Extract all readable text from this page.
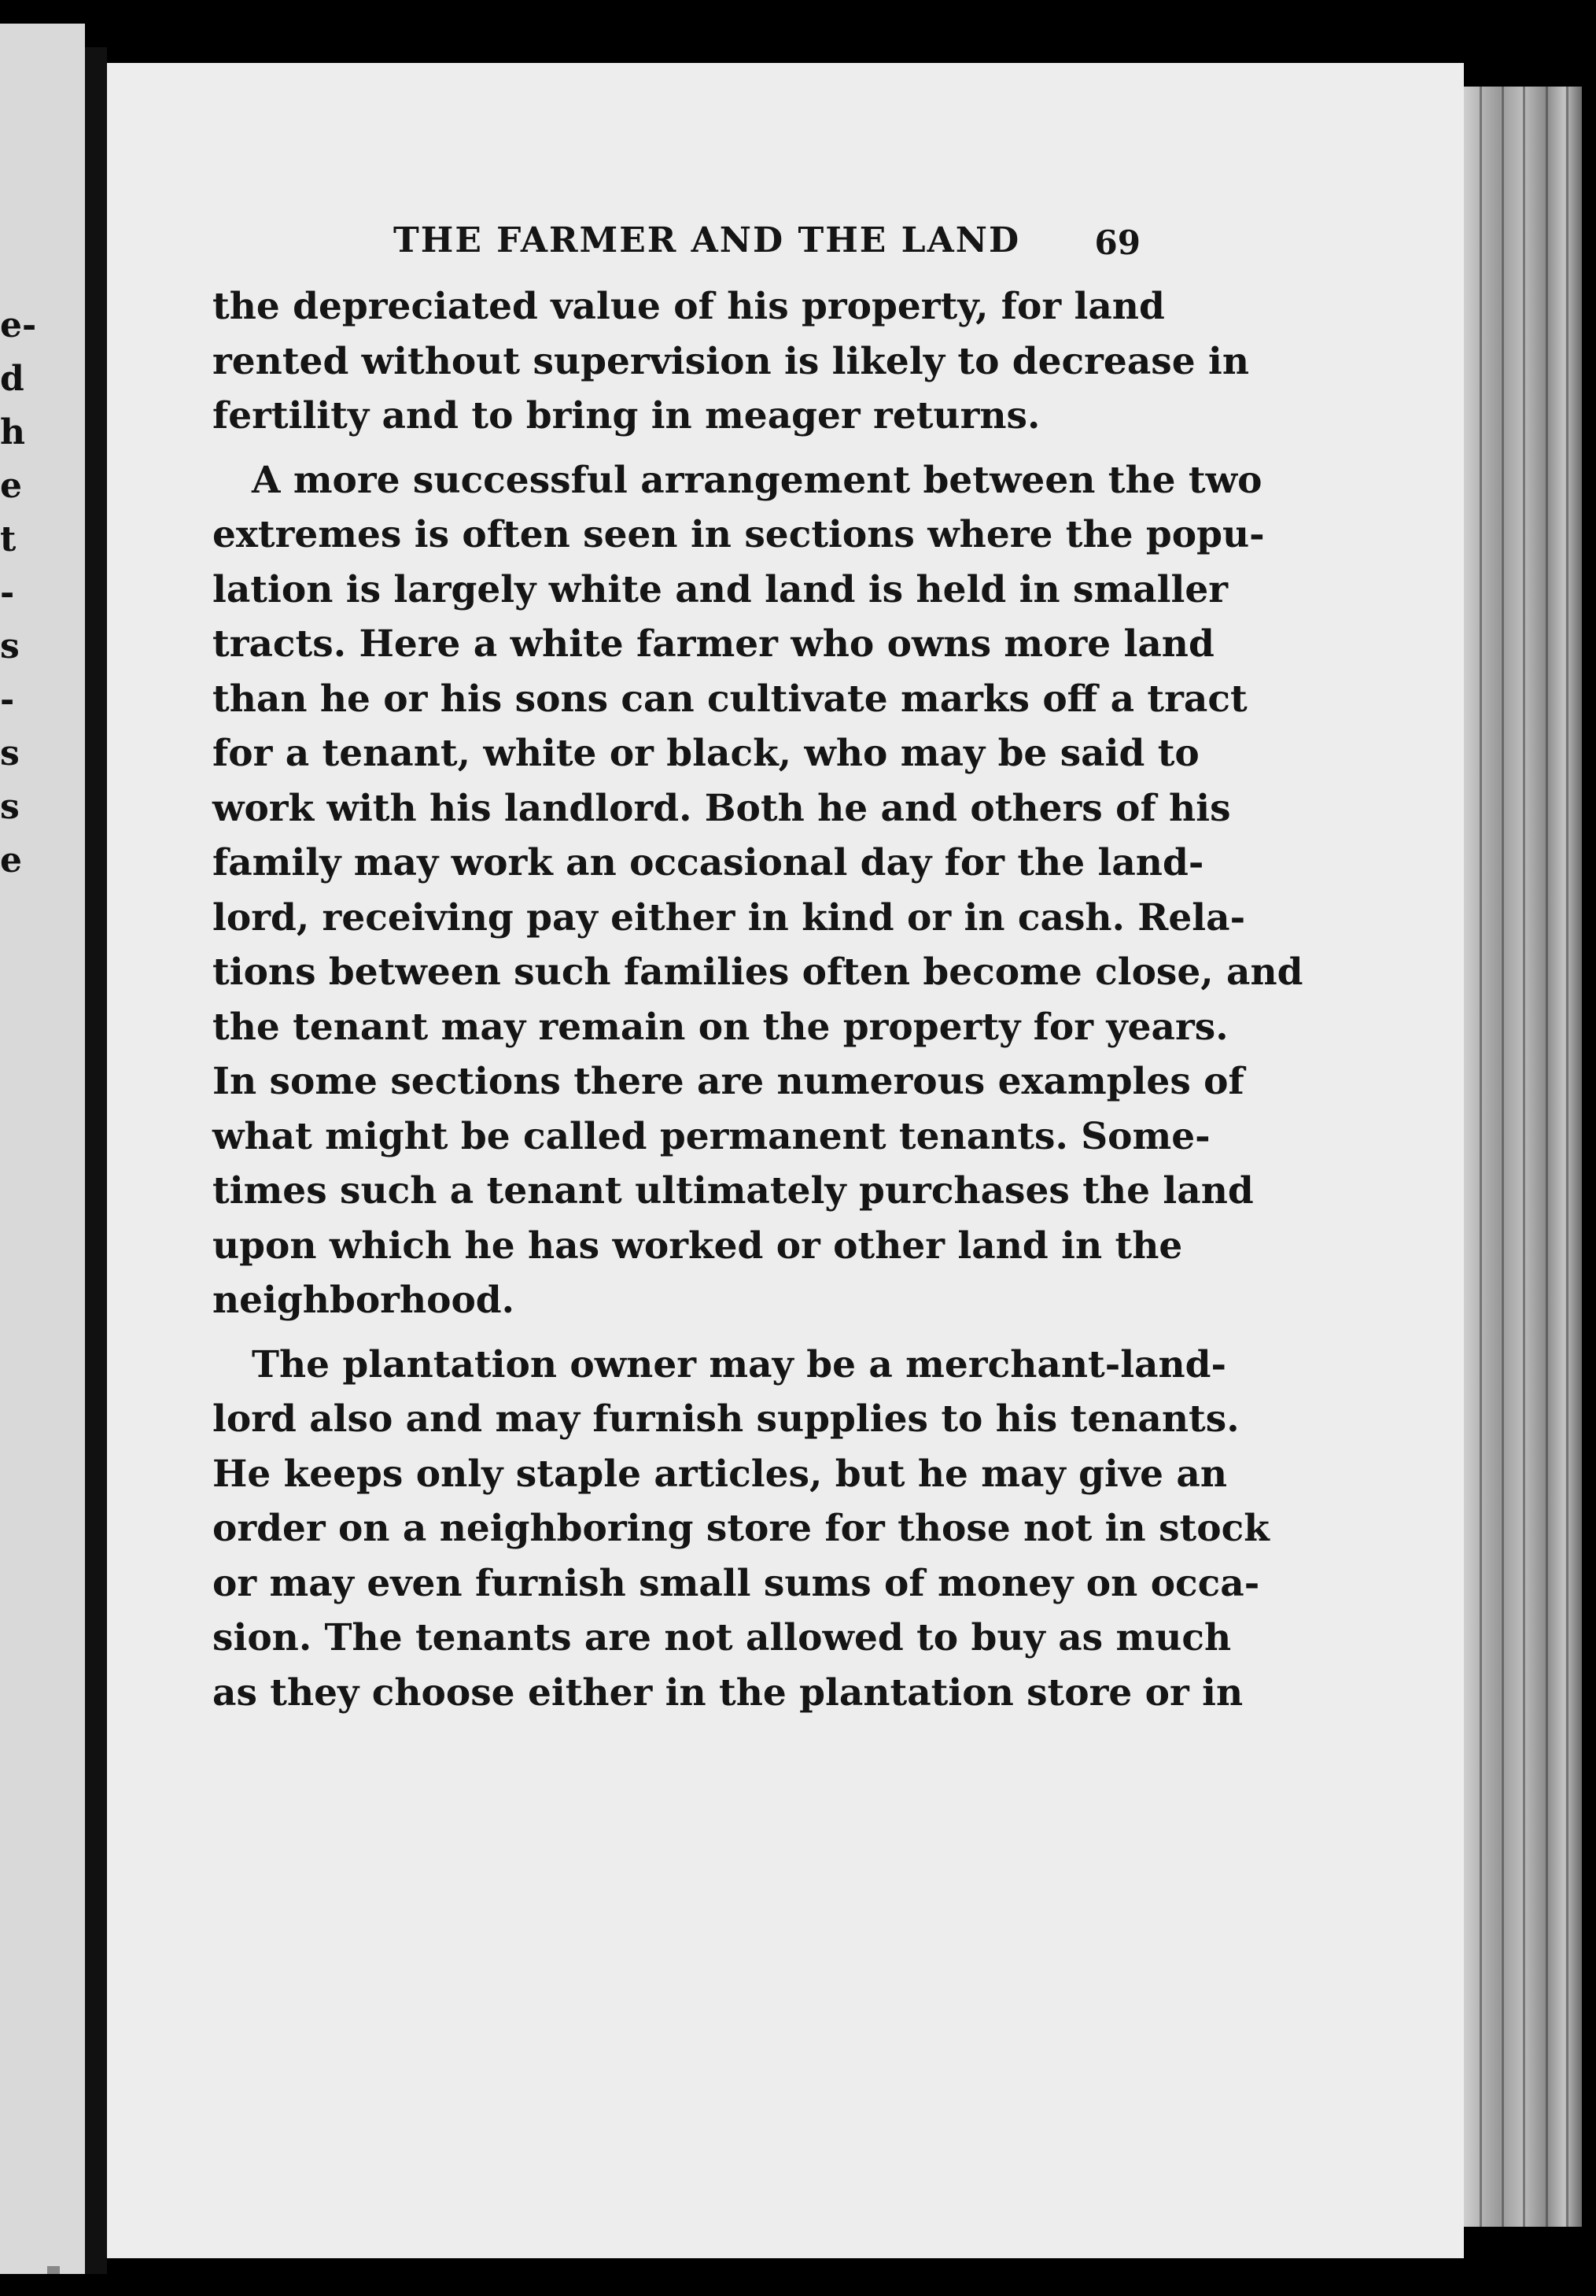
e-
d
h
e
t
-
s
-
s
s
e
THE FARMER AND THE LAND 69
the depreciated value of his property, for land
rented without supervision is likely to decrease in
fertility and to bring in meager returns.
A more successful arrangement between the two
extremes is often seen in sections where the popu-
lation is largely white and land is held in smaller
tracts. Here a white farmer who owns more land
than he or his sons can cultivate marks off a tract
for a tenant, white or black, who may be said to
work with his landlord. Both he and others of his
family may work an occasional day for the land-
lord, receiving pay either in kind or in cash. Rela-
tions between such families often become close, and
the tenant may remain on the property for years.
In some sections there are numerous examples of
what might be called permanent tenants. Some-
times such a tenant ultimately purchases the land
upon which he has worked or other land in the
neighborhood.
The plantation owner may be a merchant-land-
lord also and may furnish supplies to his tenants.
He keeps only staple articles, but he may give an
order on a neighboring store for those not in stock
or may even furnish small sums of money on occa-
sion. The tenants are not allowed to buy as much
as they choose either in the plantation store or in
